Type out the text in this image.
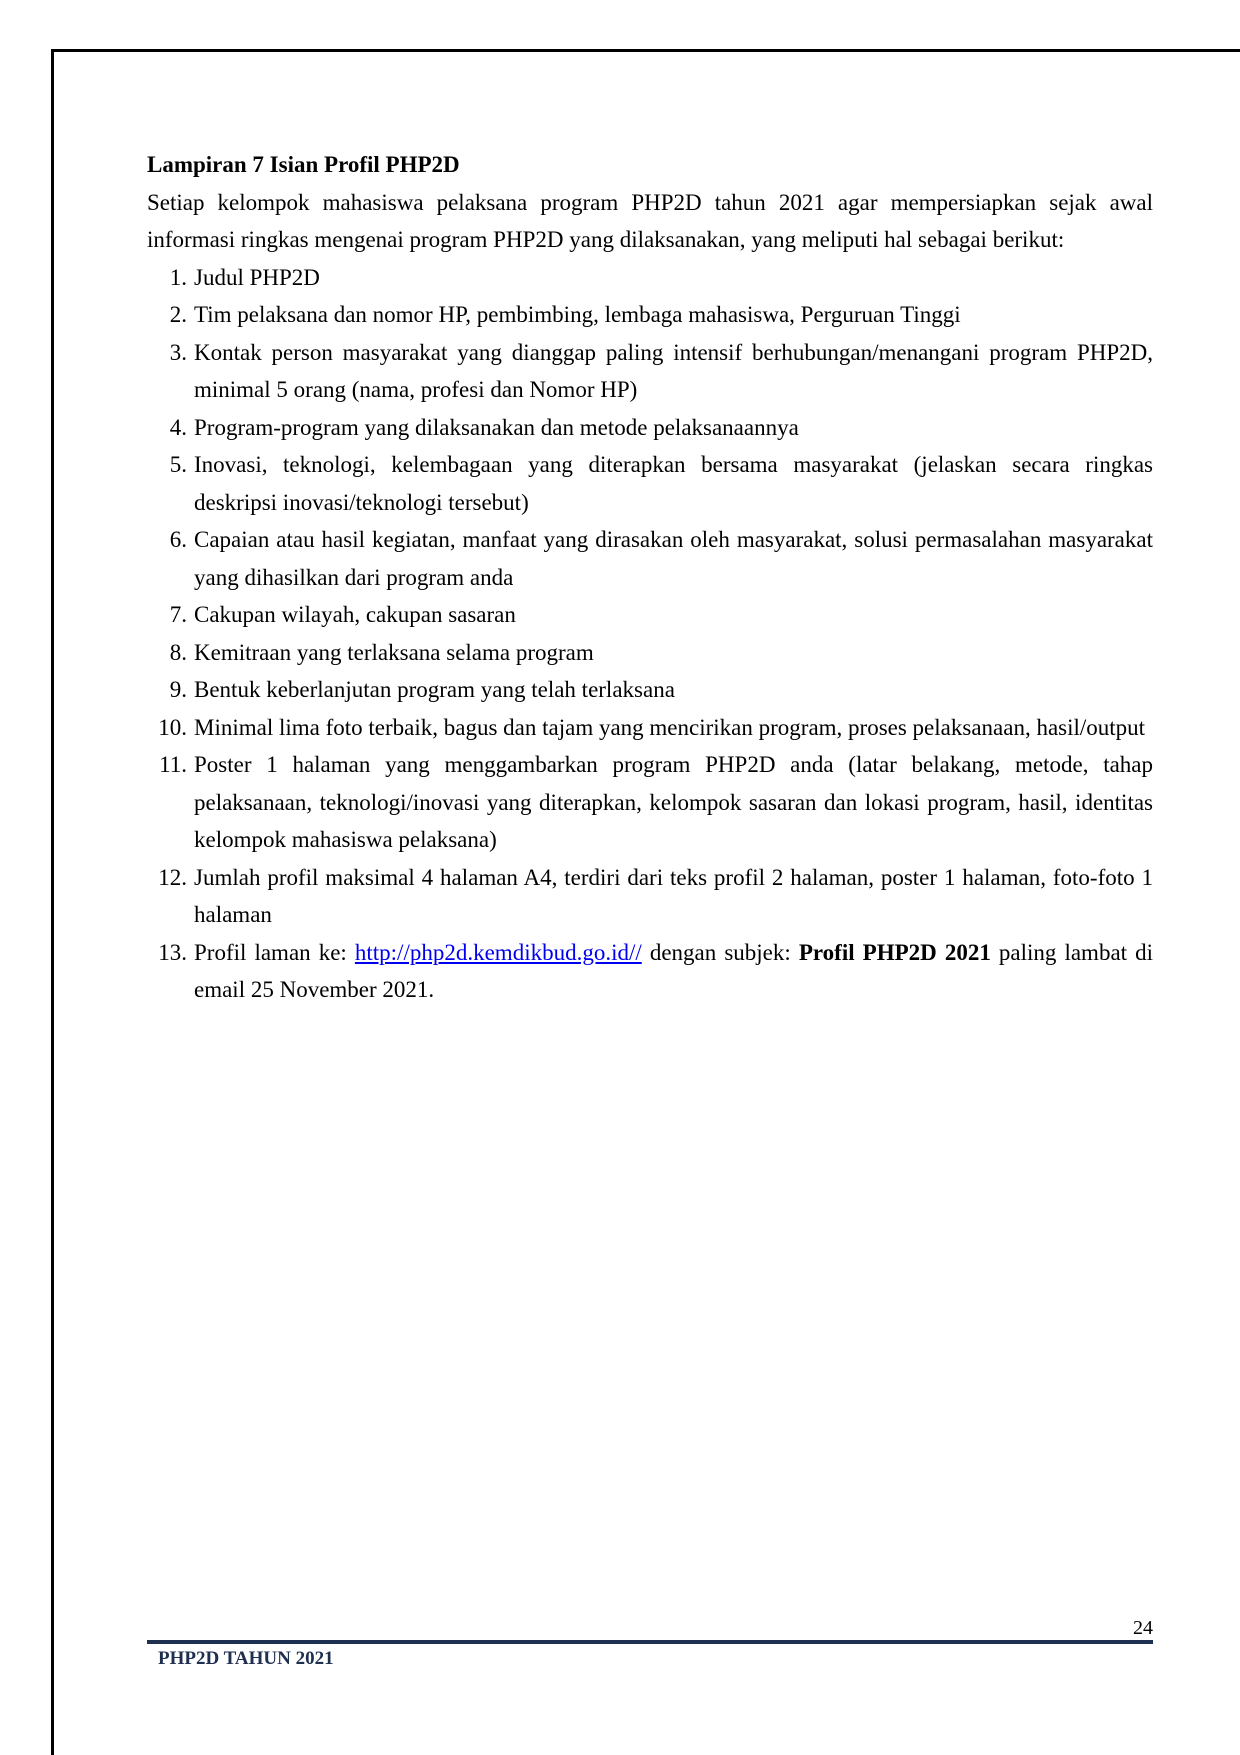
Lampiran 7 Isian Profil PHP2D

Setiap kelompok mahasiswa pelaksana program PHP2D tahun 2021 agar mempersiapkan sejak awal informasi ringkas mengenai program PHP2D yang dilaksanakan, yang meliputi hal sebagai berikut:

1. Judul PHP2D
2. Tim pelaksana dan nomor HP, pembimbing, lembaga mahasiswa, Perguruan Tinggi
3. Kontak person masyarakat yang dianggap paling intensif berhubungan/menangani program PHP2D, minimal 5 orang (nama, profesi dan Nomor HP)
4. Program-program yang dilaksanakan dan metode pelaksanaannya
5. Inovasi, teknologi, kelembagaan yang diterapkan bersama masyarakat (jelaskan secara ringkas deskripsi inovasi/teknologi tersebut)
6. Capaian atau hasil kegiatan, manfaat yang dirasakan oleh masyarakat, solusi permasalahan masyarakat yang dihasilkan dari program anda
7. Cakupan wilayah, cakupan sasaran
8. Kemitraan yang terlaksana selama program
9. Bentuk keberlanjutan program yang telah terlaksana
10. Minimal lima foto terbaik, bagus dan tajam yang mencirikan program, proses pelaksanaan, hasil/output
11. Poster 1 halaman yang menggambarkan program PHP2D anda (latar belakang, metode, tahap pelaksanaan, teknologi/inovasi yang diterapkan, kelompok sasaran dan lokasi program, hasil, identitas kelompok mahasiswa pelaksana)
12. Jumlah profil maksimal 4 halaman A4, terdiri dari teks profil 2 halaman, poster 1 halaman, foto-foto 1 halaman
13. Profil laman ke: http://php2d.kemdikbud.go.id// dengan subjek: Profil PHP2D 2021 paling lambat di email 25 November 2021.
24
PHP2D TAHUN 2021
